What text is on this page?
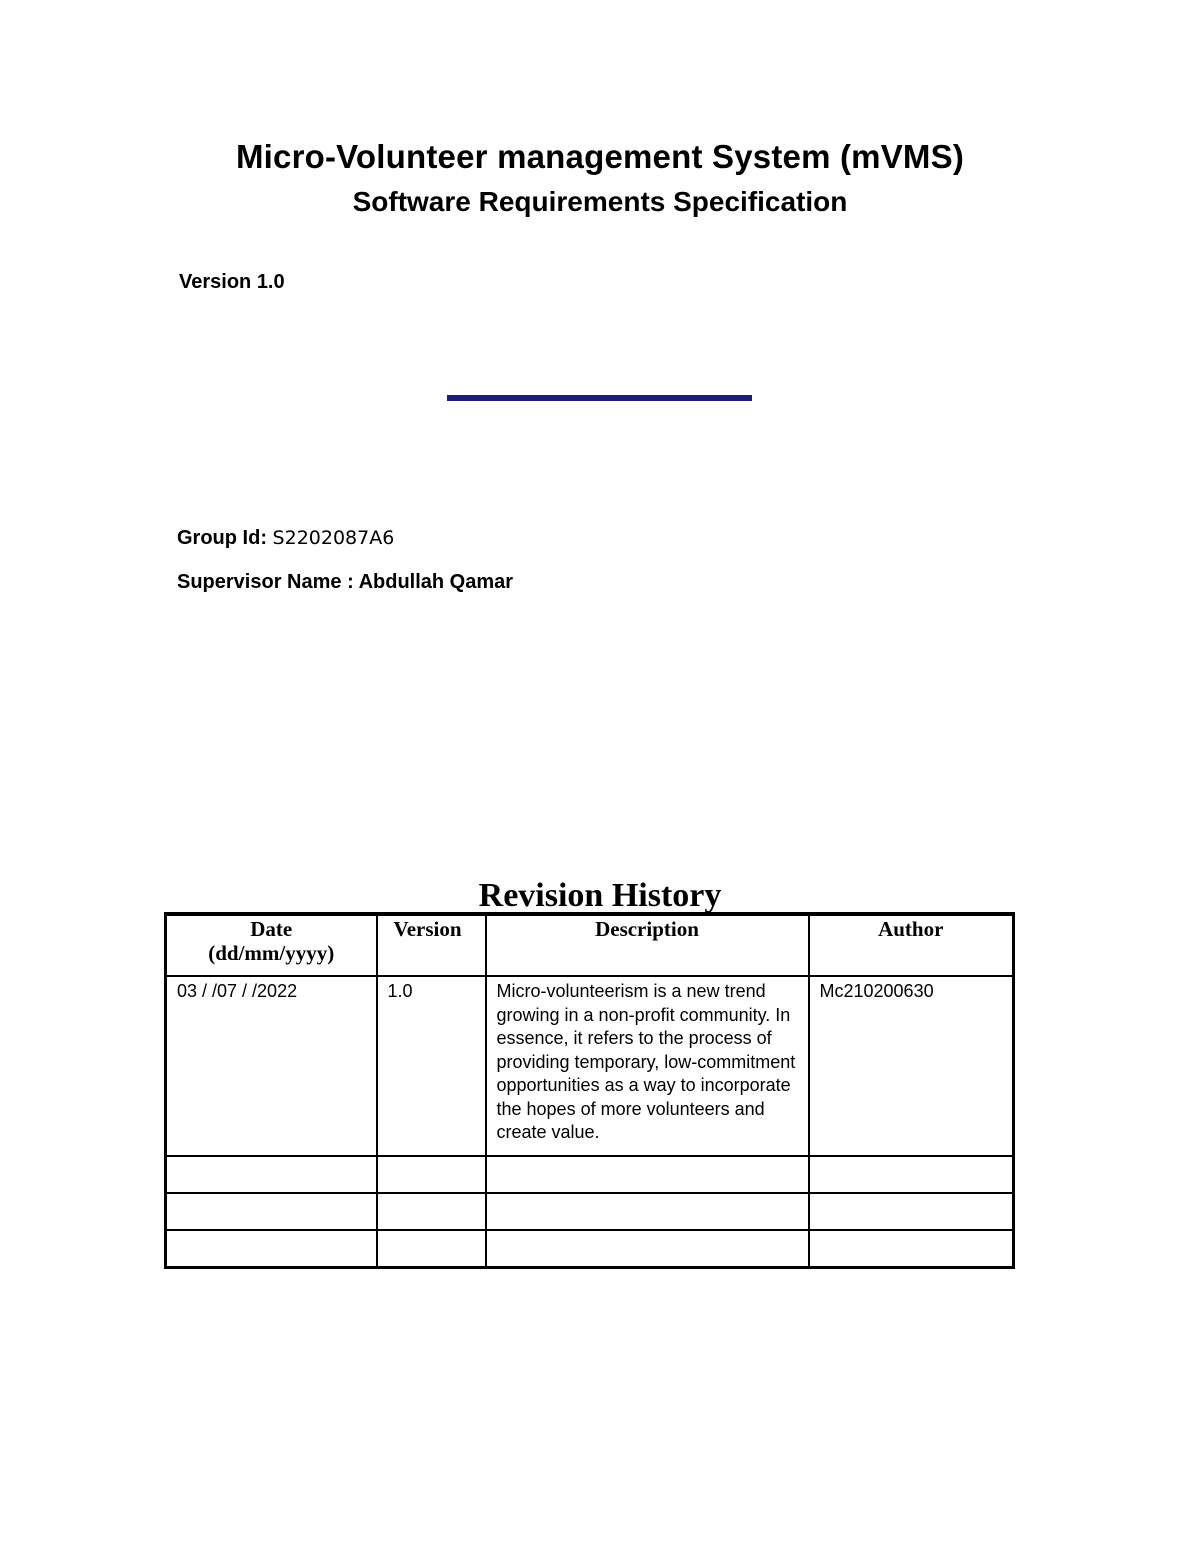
Micro-Volunteer management System (mVMS)
Software Requirements Specification
Version 1.0
Group Id: S2202087A6
Supervisor Name : Abdullah Qamar
Revision History
Date
(dd/mm/yyyy)	Version	Description	Author
03 / /07 / /2022	1.0	Micro-volunteerism is a new trend growing in a non-profit community. In essence, it refers to the process of providing temporary, low-commitment opportunities as a way to incorporate the hopes of more volunteers and create value.	Mc210200630
